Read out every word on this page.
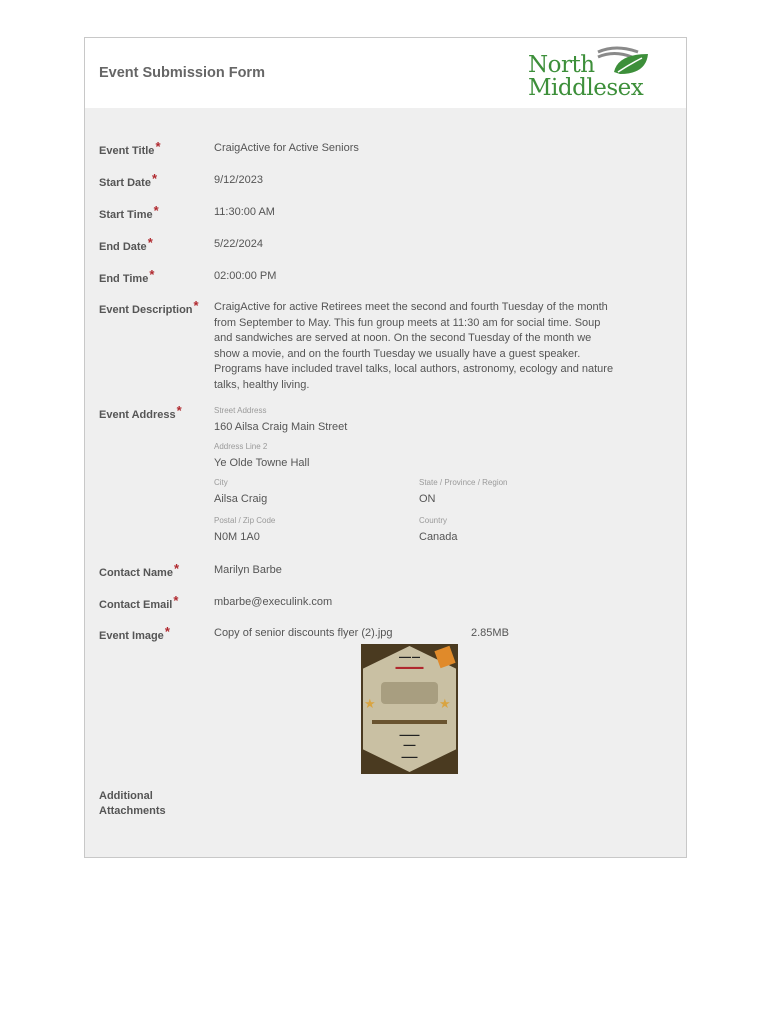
Event Submission Form	North
Middlesex
Event Title*	CraigActive for Active Seniors
Start Date*	9/12/2023
Start Time*	11:30:00 AM
End Date*	5/22/2024
End Time*	02:00:00 PM
Event Description* CraigActive for active Retirees meet the second and fourth Tuesday of the month from September to May. This fun group meets at 11:30 am for social time. Soup and sandwiches are served at noon. On the second Tuesday of the month we show a movie, and on the fourth Tuesday we usually have a guest speaker. Programs have included travel talks, local authors, astronomy, ecology and nature talks, healthy living.
Event Address*	Street Address
160 Ailsa Craig Main Street
Address Line 2
Ye Olde Towne Hall
City
Ailsa Craig
State / Province / Region
ON
Postal / Zip Code
N0M 1A0
Country
Canada
Contact Name*	Marilyn Barbe
Contact Email*	mbarbe@execulink.com
Event Image*	Copy of senior discounts flyer (2).jpg	2.85MB
▬▬▬ ▬▬
▬▬▬▬
★	★
▬▬▬▬▬
▬▬▬
▬▬▬▬
Additional
Attachments
